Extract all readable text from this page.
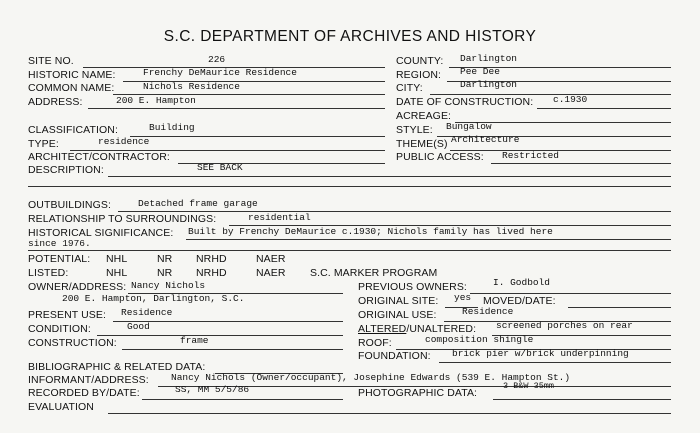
S.C. DEPARTMENT OF ARCHIVES AND HISTORY
SITE NO.	226
HISTORIC NAME:	Frenchy DeMaurice Residence
COMMON NAME:	Nichols Residence
ADDRESS:	200 E. Hampton
COUNTY: Darlington
REGION: Pee Dee
CITY:	Darlington
DATE OF CONSTRUCTION: c.1930
ACREAGE:
CLASSIFICATION:	Building
TYPE:	residence
ARCHITECT/CONTRACTOR:
DESCRIPTION:	SEE BACK
STYLE: Bungalow
THEME(S) Architecture
PUBLIC ACCESS: Restricted
OUTBUILDINGS:	Detached frame garage
RELATIONSHIP TO SURROUNDINGS:	residential
HISTORICAL SIGNIFICANCE: Built by Frenchy DeMaurice c.1930; Nichols family has lived here
since 1976.
POTENTIAL: NHL	NR NRHD	NAER
LISTED:	NHL	NR NRHD	NAER S.C. MARKER PROGRAM
OWNER/ADDRESS: Nancy Nichols
200 E. Hampton, Darlington, S.C.
PREVIOUS OWNERS:	I. Godbold
ORIGINAL SITE: yes MOVED/DATE:
PRESENT USE: Residence	ORIGINAL USE:	Residence
CONDITION:	Good	ALTERED/UNALTERED: screened porches on rear
CONSTRUCTION:	frame	ROOF:	composition shingle
FOUNDATION: brick pier w/brick underpinning
BIBLIOGRAPHIC & RELATED DATA:
INFORMANT/ADDRESS: Nancy Nichols (Owner/occupant), Josephine Edwards (539 E. Hampton St.)
RECORDED BY/DATE:	SS, MM 5/5/86	PHOTOGRAPHIC DATA:
3 B&W 35mm
EVALUATION
